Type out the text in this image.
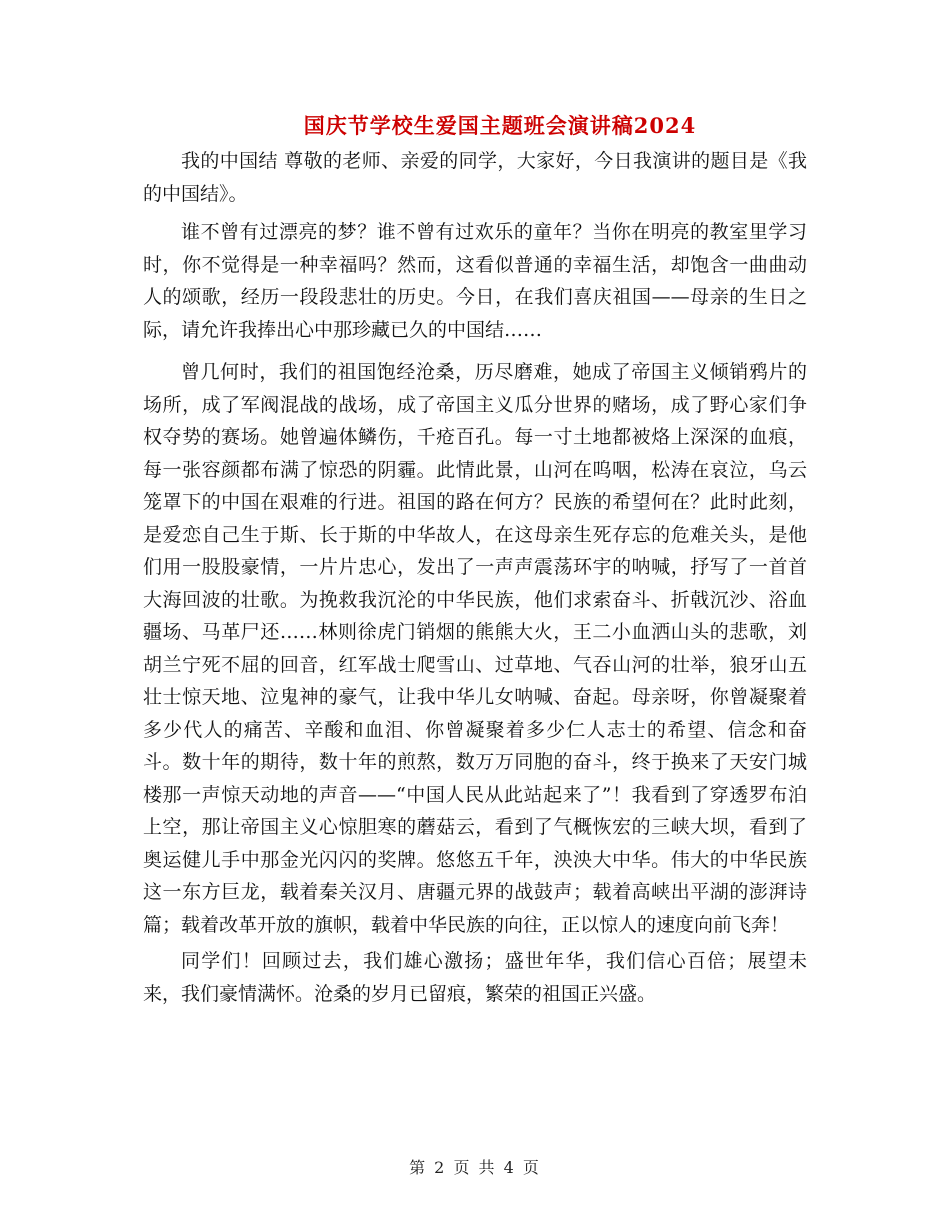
国庆节学校生爱国主题班会演讲稿2024

我的中国结 尊敬的老师、亲爱的同学，大家好，今日我演讲的题目是《我的中国结》。

谁不曾有过漂亮的梦？谁不曾有过欢乐的童年？当你在明亮的教室里学习时，你不觉得是一种幸福吗？然而，这看似普通的幸福生活，却饱含一曲曲动人的颂歌，经历一段段悲壮的历史。今日，在我们喜庆祖国——母亲的生日之际，请允许我捧出心中那珍藏已久的中国结……

曾几何时，我们的祖国饱经沧桑，历尽磨难，她成了帝国主义倾销鸦片的场所，成了军阀混战的战场，成了帝国主义瓜分世界的赌场，成了野心家们争权夺势的赛场。她曾遍体鳞伤，千疮百孔。每一寸土地都被烙上深深的血痕，每一张容颜都布满了惊恐的阴霾。此情此景，山河在呜咽，松涛在哀泣，乌云笼罩下的中国在艰难的行进。祖国的路在何方？民族的希望何在？此时此刻，是爱恋自己生于斯、长于斯的中华故人，在这母亲生死存忘的危难关头，是他们用一股股豪情，一片片忠心，发出了一声声震荡环宇的呐喊，抒写了一首首大海回波的壮歌。为挽救我沉沦的中华民族，他们求索奋斗、折戟沉沙、浴血疆场、马革尸还……林则徐虎门销烟的熊熊大火，王二小血洒山头的悲歌，刘胡兰宁死不屈的回音，红军战士爬雪山、过草地、气吞山河的壮举，狼牙山五壮士惊天地、泣鬼神的豪气，让我中华儿女呐喊、奋起。母亲呀，你曾凝聚着多少代人的痛苦、辛酸和血泪、你曾凝聚着多少仁人志士的希望、信念和奋斗。数十年的期待，数十年的煎熬，数万万同胞的奋斗，终于换来了天安门城楼那一声惊天动地的声音——“中国人民从此站起来了”！我看到了穿透罗布泊上空，那让帝国主义心惊胆寒的蘑菇云，看到了气概恢宏的三峡大坝，看到了奥运健儿手中那金光闪闪的奖牌。悠悠五千年，泱泱大中华。伟大的中华民族这一东方巨龙，载着秦关汉月、唐疆元界的战鼓声；载着高峡出平湖的澎湃诗篇；载着改革开放的旗帜，载着中华民族的向往，正以惊人的速度向前飞奔！

同学们！回顾过去，我们雄心激扬；盛世年华，我们信心百倍；展望未来，我们豪情满怀。沧桑的岁月已留痕，繁荣的祖国正兴盛。

第 2 页 共 4 页
